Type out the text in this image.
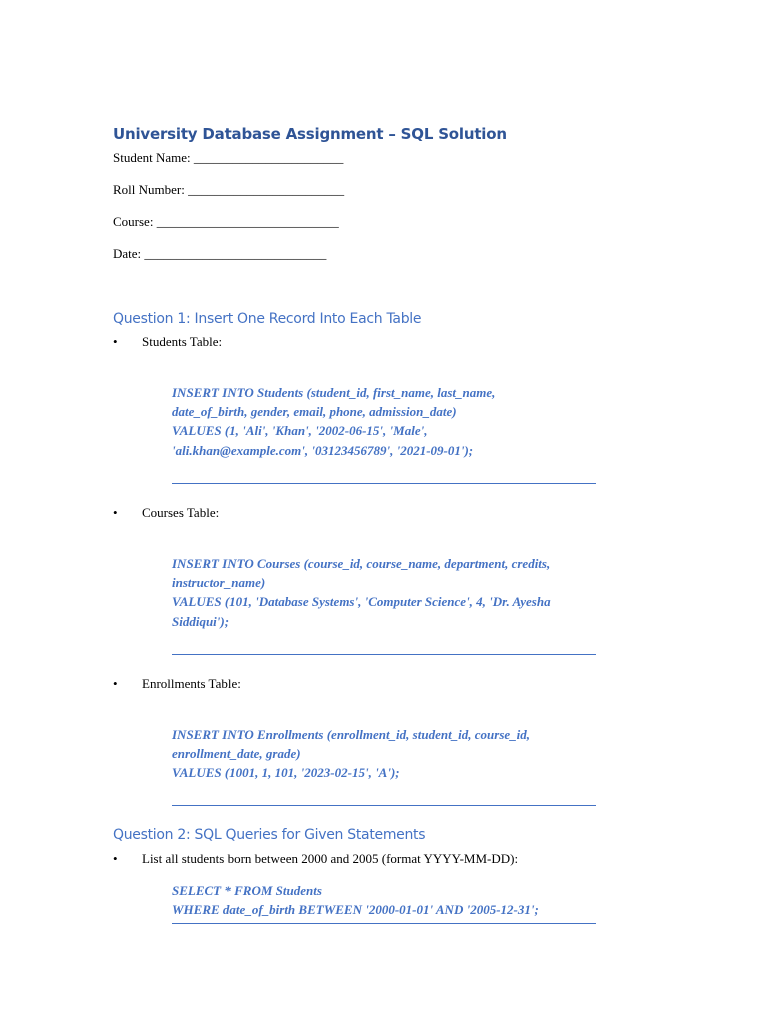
University Database Assignment – SQL Solution
Student Name: _______________________
Roll Number: ________________________
Course: ____________________________
Date: ____________________________
Question 1: Insert One Record Into Each Table
• Students Table:
INSERT INTO Students (student_id, first_name, last_name,
date_of_birth, gender, email, phone, admission_date)
VALUES (1, 'Ali', 'Khan', '2002-06-15', 'Male',
'ali.khan@example.com', '03123456789', '2021-09-01');
• Courses Table:
INSERT INTO Courses (course_id, course_name, department, credits,
instructor_name)
VALUES (101, 'Database Systems', 'Computer Science', 4, 'Dr. Ayesha
Siddiqui');
• Enrollments Table:
INSERT INTO Enrollments (enrollment_id, student_id, course_id,
enrollment_date, grade)
VALUES (1001, 1, 101, '2023-02-15', 'A');
Question 2: SQL Queries for Given Statements
• List all students born between 2000 and 2005 (format YYYY-MM-DD):
SELECT * FROM Students
WHERE date_of_birth BETWEEN '2000-01-01' AND '2005-12-31';
